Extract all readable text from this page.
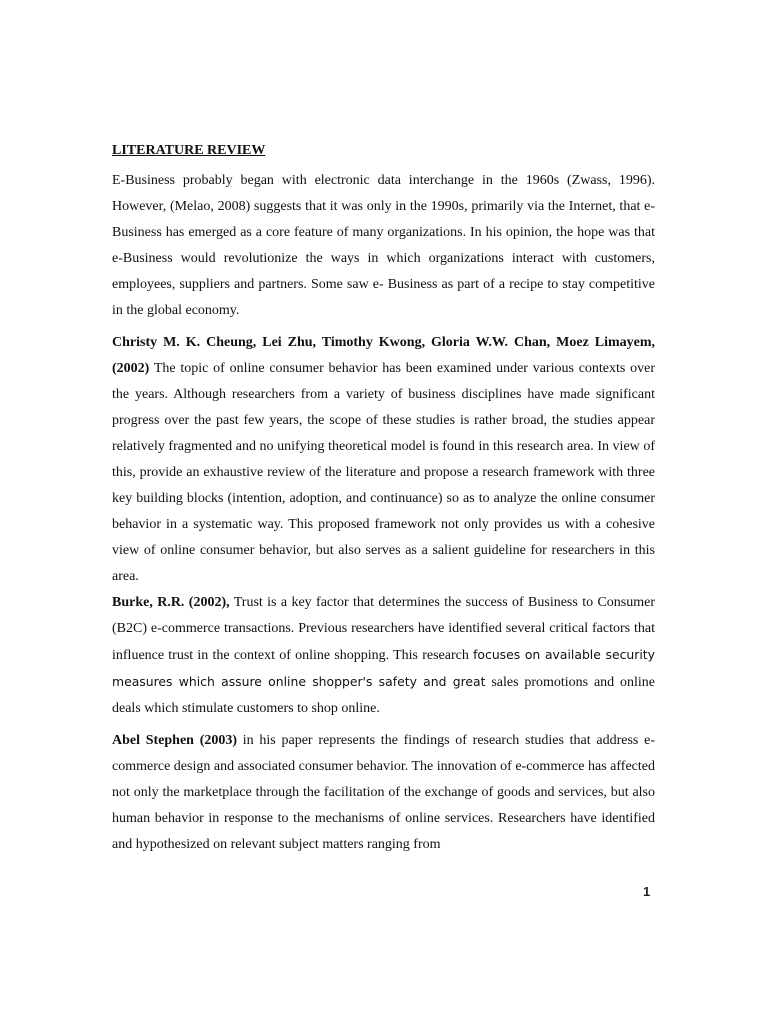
LITERATURE REVIEW

E-Business probably began with electronic data interchange in the 1960s (Zwass, 1996). However, (Melao, 2008) suggests that it was only in the 1990s, primarily via the Internet, that e-Business has emerged as a core feature of many organizations. In his opinion, the hope was that e-Business would revolutionize the ways in which organizations interact with customers, employees, suppliers and partners. Some saw e- Business as part of a recipe to stay competitive in the global economy.

Christy M. K. Cheung, Lei Zhu, Timothy Kwong, Gloria W.W. Chan, Moez Limayem,(2002) The topic of online consumer behavior has been examined under various contexts over the years. Although researchers from a variety of business disciplines have made significant progress over the past few years, the scope of these studies is rather broad, the studies appear relatively fragmented and no unifying theoretical model is found in this research area. In view of this, provide an exhaustive review of the literature and propose a research framework with three key building blocks (intention, adoption, and continuance) so as to analyze the online consumer behavior in a systematic way. This proposed framework not only provides us with a cohesive view of online consumer behavior, but also serves as a salient guideline for researchers in this area.

Burke, R.R. (2002), Trust is a key factor that determines the success of Business to Consumer (B2C) e-commerce transactions. Previous researchers have identified several critical factors that influence trust in the context of online shopping. This research focuses on available security measures which assure online shopper's safety and great sales promotions and online deals which stimulate customers to shop online.

Abel Stephen (2003) in his paper represents the findings of research studies that address e-commerce design and associated consumer behavior. The innovation of e-commerce has affected not only the marketplace through the facilitation of the exchange of goods and services, but also human behavior in response to the mechanisms of online services. Researchers have identified and hypothesized on relevant subject matters ranging from

1
